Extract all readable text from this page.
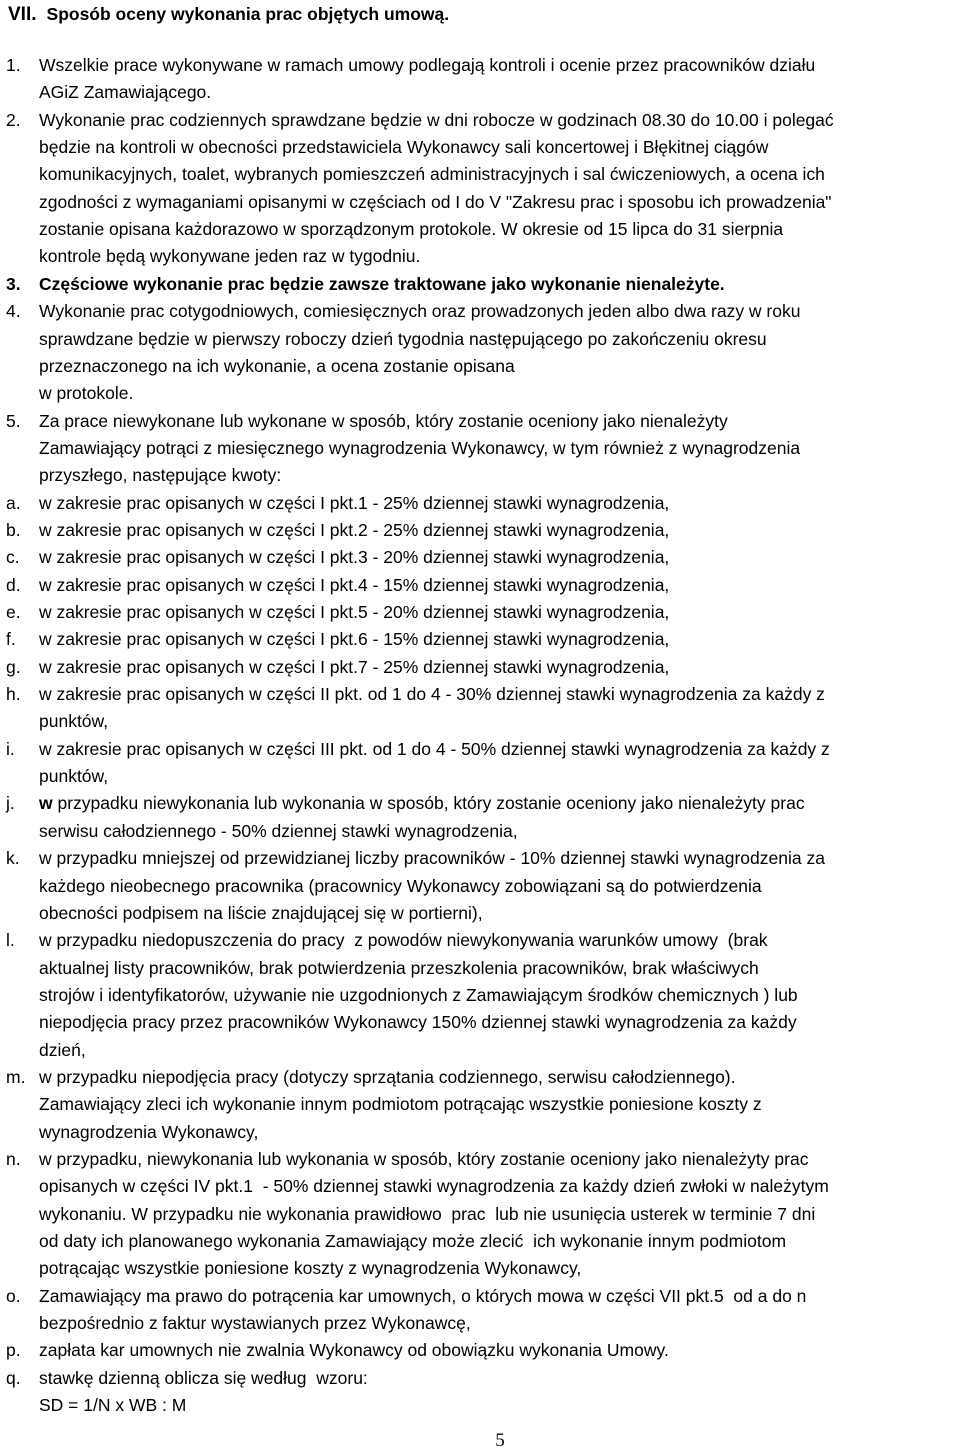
VII. Sposób oceny wykonania prac objętych umową.
1.	Wszelkie prace wykonywane w ramach umowy podlegają kontroli i ocenie przez pracowników działu
AGiZ Zamawiającego.
2.	Wykonanie prac codziennych sprawdzane będzie w dni robocze w godzinach 08.30 do 10.00 i polegać
będzie na kontroli w obecności przedstawiciela Wykonawcy sali koncertowej i Błękitnej ciągów
komunikacyjnych, toalet, wybranych pomieszczeń administracyjnych i sal ćwiczeniowych, a ocena ich
zgodności z wymaganiami opisanymi w częściach od I do V "Zakresu prac i sposobu ich prowadzenia"
zostanie opisana każdorazowo w sporządzonym protokole. W okresie od 15 lipca do 31 sierpnia
kontrole będą wykonywane jeden raz w tygodniu.
3.	Częściowe wykonanie prac będzie zawsze traktowane jako wykonanie nienależyte.
4.	Wykonanie prac cotygodniowych, comiesięcznych oraz prowadzonych jeden albo dwa razy w roku
sprawdzane będzie w pierwszy roboczy dzień tygodnia następującego po zakończeniu okresu
przeznaczonego na ich wykonanie, a ocena zostanie opisana
w protokole.
5.	Za prace niewykonane lub wykonane w sposób, który zostanie oceniony jako nienależyty
Zamawiający potrąci z miesięcznego wynagrodzenia Wykonawcy, w tym również z wynagrodzenia
przyszłego, następujące kwoty:
a.	w zakresie prac opisanych w części I pkt.1 - 25% dziennej stawki wynagrodzenia,
b.	w zakresie prac opisanych w części I pkt.2 - 25% dziennej stawki wynagrodzenia,
c.	w zakresie prac opisanych w części I pkt.3 - 20% dziennej stawki wynagrodzenia,
d.	w zakresie prac opisanych w części I pkt.4 - 15% dziennej stawki wynagrodzenia,
e.	w zakresie prac opisanych w części I pkt.5 - 20% dziennej stawki wynagrodzenia,
f.	w zakresie prac opisanych w części I pkt.6 - 15% dziennej stawki wynagrodzenia,
g.	w zakresie prac opisanych w części I pkt.7 - 25% dziennej stawki wynagrodzenia,
h.	w zakresie prac opisanych w części II pkt. od 1 do 4 - 30% dziennej stawki wynagrodzenia za każdy z
punktów,
i.	w zakresie prac opisanych w części III pkt. od 1 do 4 - 50% dziennej stawki wynagrodzenia za każdy z
punktów,
j.	w przypadku niewykonania lub wykonania w sposób, który zostanie oceniony jako nienależyty prac
serwisu całodziennego - 50% dziennej stawki wynagrodzenia,
k.	w przypadku mniejszej od przewidzianej liczby pracowników - 10% dziennej stawki wynagrodzenia za
każdego nieobecnego pracownika (pracownicy Wykonawcy zobowiązani są do potwierdzenia
obecności podpisem na liście znajdującej się w portierni),
l.	w przypadku niedopuszczenia do pracy  z powodów niewykonywania warunków umowy  (brak
aktualnej listy pracowników, brak potwierdzenia przeszkolenia pracowników, brak właściwych
strojów i identyfikatorów, używanie nie uzgodnionych z Zamawiającym środków chemicznych ) lub
niepodjęcia pracy przez pracowników Wykonawcy 150% dziennej stawki wynagrodzenia za każdy
dzień,
m. w przypadku niepodjęcia pracy (dotyczy sprzątania codziennego, serwisu całodziennego).
Zamawiający zleci ich wykonanie innym podmiotom potrącając wszystkie poniesione koszty z
wynagrodzenia Wykonawcy,
n.	w przypadku, niewykonania lub wykonania w sposób, który zostanie oceniony jako nienależyty prac
opisanych w części IV pkt.1  - 50% dziennej stawki wynagrodzenia za każdy dzień zwłoki w należytym
wykonaniu. W przypadku nie wykonania prawidłowo  prac  lub nie usunięcia usterek w terminie 7 dni
od daty ich planowanego wykonania Zamawiający może zlecić  ich wykonanie innym podmiotom
potrącając wszystkie poniesione koszty z wynagrodzenia Wykonawcy,
o.	Zamawiający ma prawo do potrącenia kar umownych, o których mowa w części VII pkt.5  od a do n
bezpośrednio z faktur wystawianych przez Wykonawcę,
p.	zapłata kar umownych nie zwalnia Wykonawcy od obowiązku wykonania Umowy.
q.	stawkę dzienną oblicza się według  wzoru:
SD = 1/N x WB : M
5
